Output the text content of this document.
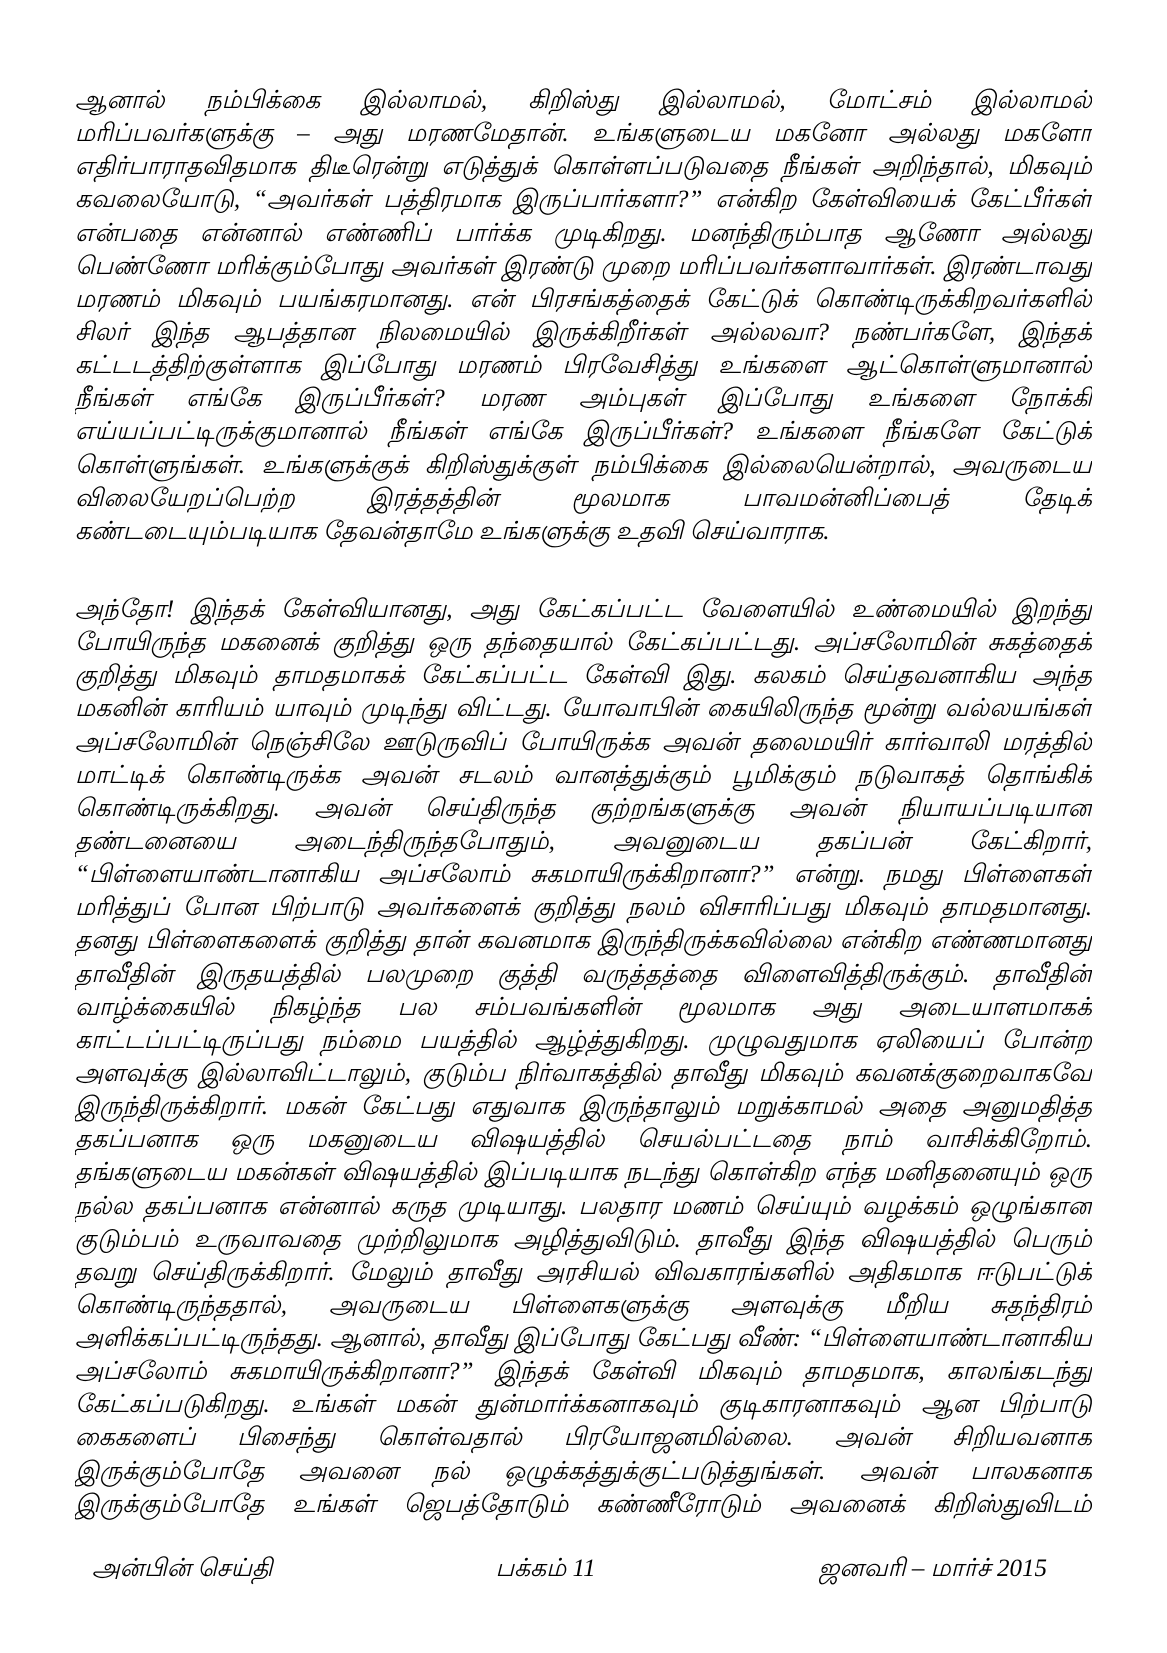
ஆனால் நம்பிக்கை இல்லாமல், கிறிஸ்து இல்லாமல், மோட்சம் இல்லாமல்
மரிப்பவர்களுக்கு – அது மரணமேதான். உங்களுடைய மகனோ அல்லது மகளோ
எதிர்பாராதவிதமாக திடீரென்று எடுத்துக் கொள்ளப்படுவதை நீங்கள் அறிந்தால், மிகவும்
கவலையோடு, “அவர்கள் பத்திரமாக இருப்பார்களா?” என்கிற கேள்வியைக் கேட்பீர்கள்
என்பதை என்னால் எண்ணிப் பார்க்க முடிகிறது. மனந்திரும்பாத ஆணோ அல்லது
பெண்ணோ மரிக்கும்போது அவர்கள் இரண்டு முறை மரிப்பவர்களாவார்கள். இரண்டாவது
மரணம் மிகவும் பயங்கரமானது. என் பிரசங்கத்தைக் கேட்டுக் கொண்டிருக்கிறவர்களில்
சிலர் இந்த ஆபத்தான நிலமையில் இருக்கிறீர்கள் அல்லவா? நண்பர்களே, இந்தக்
கட்டடத்திற்குள்ளாக இப்போது மரணம் பிரவேசித்து உங்களை ஆட்கொள்ளுமானால்
நீங்கள் எங்கே இருப்பீர்கள்? மரண அம்புகள் இப்போது உங்களை நோக்கி
எய்யப்பட்டிருக்குமானால் நீங்கள் எங்கே இருப்பீர்கள்? உங்களை நீங்களே கேட்டுக்
கொள்ளுங்கள். உங்களுக்குக் கிறிஸ்துக்குள் நம்பிக்கை இல்லையென்றால், அவருடைய
விலையேறப்பெற்ற இரத்தத்தின் மூலமாக பாவமன்னிப்பைத் தேடிக்
கண்டடையும்படியாக தேவன்தாமே உங்களுக்கு உதவி செய்வாராக.
அந்தோ! இந்தக் கேள்வியானது, அது கேட்கப்பட்ட வேளையில் உண்மையில் இறந்து
போயிருந்த மகனைக் குறித்து ஒரு தந்தையால் கேட்கப்பட்டது. அப்சலோமின் சுகத்தைக்
குறித்து மிகவும் தாமதமாகக் கேட்கப்பட்ட கேள்வி இது. கலகம் செய்தவனாகிய அந்த
மகனின் காரியம் யாவும் முடிந்து விட்டது. யோவாபின் கையிலிருந்த மூன்று வல்லயங்கள்
அப்சலோமின் நெஞ்சிலே ஊடுருவிப் போயிருக்க அவன் தலைமயிர் கார்வாலி மரத்தில்
மாட்டிக் கொண்டிருக்க அவன் சடலம் வானத்துக்கும் பூமிக்கும் நடுவாகத் தொங்கிக்
கொண்டிருக்கிறது. அவன் செய்திருந்த குற்றங்களுக்கு அவன் நியாயப்படியான
தண்டனையை அடைந்திருந்தபோதும், அவனுடைய தகப்பன் கேட்கிறார்,
“பிள்ளையாண்டானாகிய அப்சலோம் சுகமாயிருக்கிறானா?” என்று. நமது பிள்ளைகள்
மரித்துப் போன பிற்பாடு அவர்களைக் குறித்து நலம் விசாரிப்பது மிகவும் தாமதமானது.
தனது பிள்ளைகளைக் குறித்து தான் கவனமாக இருந்திருக்கவில்லை என்கிற எண்ணமானது
தாவீதின் இருதயத்தில் பலமுறை குத்தி வருத்தத்தை விளைவித்திருக்கும். தாவீதின்
வாழ்க்கையில் நிகழ்ந்த பல சம்பவங்களின் மூலமாக அது அடையாளமாகக்
காட்டப்பட்டிருப்பது நம்மை பயத்தில் ஆழ்த்துகிறது. முழுவதுமாக ஏலியைப் போன்ற
அளவுக்கு இல்லாவிட்டாலும், குடும்ப நிர்வாகத்தில் தாவீது மிகவும் கவனக்குறைவாகவே
இருந்திருக்கிறார். மகன் கேட்பது எதுவாக இருந்தாலும் மறுக்காமல் அதை அனுமதித்த
தகப்பனாக ஒரு மகனுடைய விஷயத்தில் செயல்பட்டதை நாம் வாசிக்கிறோம்.
தங்களுடைய மகன்கள் விஷயத்தில் இப்படியாக நடந்து கொள்கிற எந்த மனிதனையும் ஒரு
நல்ல தகப்பனாக என்னால் கருத முடியாது. பலதார மணம் செய்யும் வழக்கம் ஒழுங்கான
குடும்பம் உருவாவதை முற்றிலுமாக அழித்துவிடும். தாவீது இந்த விஷயத்தில் பெரும்
தவறு செய்திருக்கிறார். மேலும் தாவீது அரசியல் விவகாரங்களில் அதிகமாக ஈடுபட்டுக்
கொண்டிருந்ததால், அவருடைய பிள்ளைகளுக்கு அளவுக்கு மீறிய சுதந்திரம்
அளிக்கப்பட்டிருந்தது. ஆனால், தாவீது இப்போது கேட்பது வீண்: “பிள்ளையாண்டானாகிய
அப்சலோம் சுகமாயிருக்கிறானா?” இந்தக் கேள்வி மிகவும் தாமதமாக, காலங்கடந்து
கேட்கப்படுகிறது. உங்கள் மகன் துன்மார்க்கனாகவும் குடிகாரனாகவும் ஆன பிற்பாடு
கைகளைப் பிசைந்து கொள்வதால் பிரயோஜனமில்லை. அவன் சிறியவனாக
இருக்கும்போதே அவனை நல் ஒழுக்கத்துக்குட்படுத்துங்கள். அவன் பாலகனாக
இருக்கும்போதே உங்கள் ஜெபத்தோடும் கண்ணீரோடும் அவனைக் கிறிஸ்துவிடம்
அன்பின் செய்தி	பக்கம் 11	ஜனவரி – மார்ச் 2015
